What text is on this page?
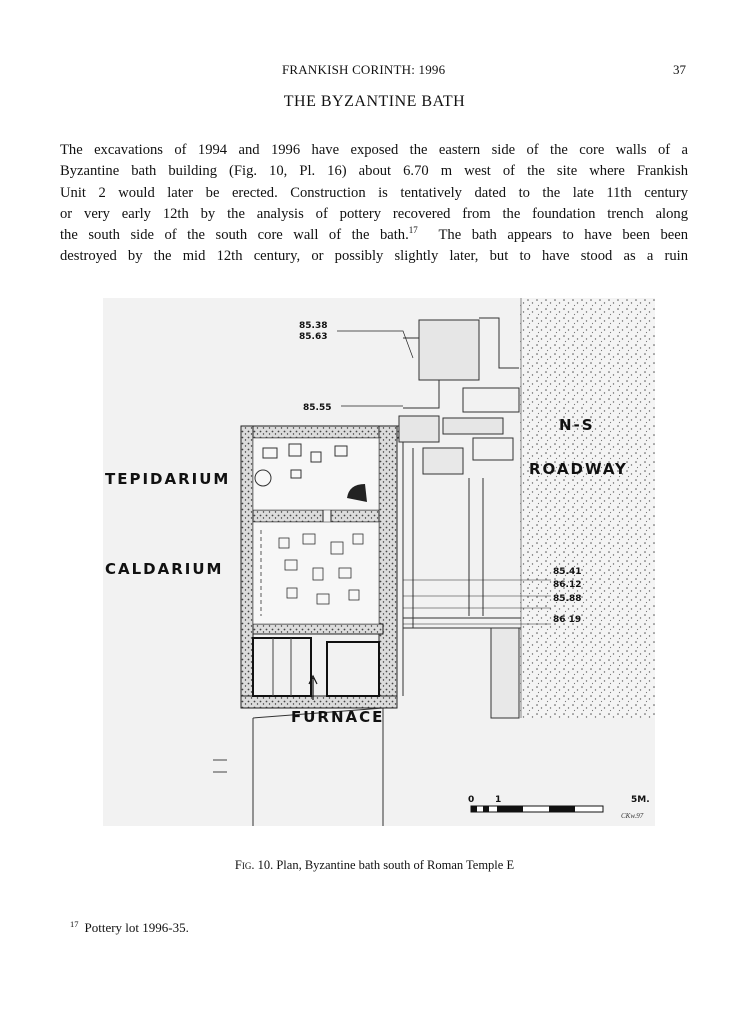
FRANKISH CORINTH: 1996	37
THE BYZANTINE BATH
The excavations of 1994 and 1996 have exposed the eastern side of the core walls of a
Byzantine bath building (Fig. 10, Pl. 16) about 6.70 m west of the site where Frankish
Unit 2 would later be erected. Construction is tentatively dated to the late 11th century
or very early 12th by the analysis of pottery recovered from the foundation trench along
the south side of the south core wall of the bath.$^{17}$ The bath appears to have been been
destroyed by the mid 12th century, or possibly slightly later, but to have stood as a ruin
TEPIDARIUM
CALDARIUM
FURNACE
N-S
ROADWAY
85.38
85.63
85.55
85.41
86.12
85.88
86 19
0 1	5M.
CKw.97
Fig. 10. Plan, Byzantine bath south of Roman Temple E
$^{17}$ Pottery lot 1996-35.
